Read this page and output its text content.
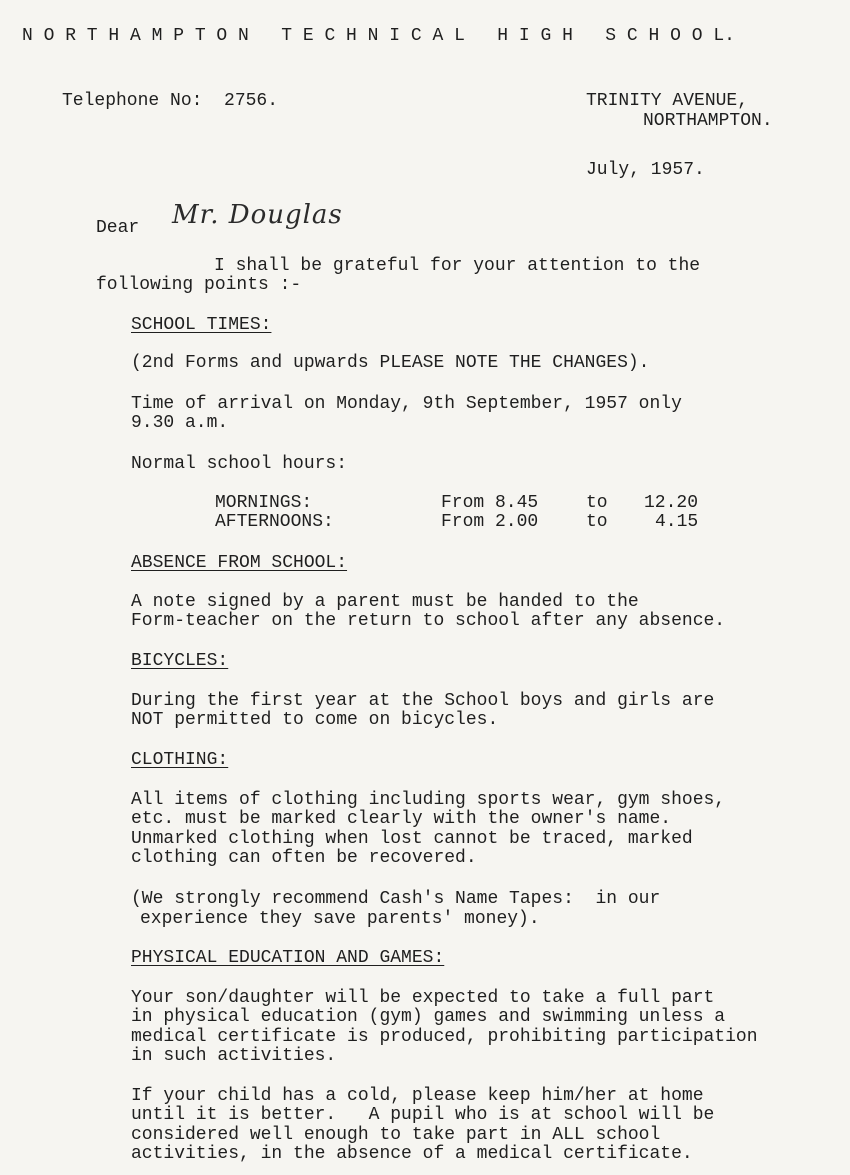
N O R T H A M P T O N   T E C H N I C A L   H I G H   S C H O O L.
Telephone No:  2756.	TRINITY AVENUE,
NORTHAMPTON.
July, 1957.
Dear Mr. Douglas
I shall be grateful for your attention to the
following points :-
SCHOOL TIMES:
(2nd Forms and upwards PLEASE NOTE THE CHANGES).
Time of arrival on Monday, 9th September, 1957 only
9.30 a.m.
Normal school hours:
MORNINGS:	From 8.45	to 12.20
AFTERNOONS:	From 2.00	to	4.15
ABSENCE FROM SCHOOL:
A note signed by a parent must be handed to the
Form-teacher on the return to school after any absence.
BICYCLES:
During the first year at the School boys and girls are
NOT permitted to come on bicycles.
CLOTHING:
All items of clothing including sports wear, gym shoes,
etc. must be marked clearly with the owner's name.
Unmarked clothing when lost cannot be traced, marked
clothing can often be recovered.
(We strongly recommend Cash's Name Tapes:  in our
experience they save parents' money).
PHYSICAL EDUCATION AND GAMES:
Your son/daughter will be expected to take a full part
in physical education (gym) games and swimming unless a
medical certificate is produced, prohibiting participation
in such activities.
If your child has a cold, please keep him/her at home
until it is better.   A pupil who is at school will be
considered well enough to take part in ALL school
activities, in the absence of a medical certificate.
